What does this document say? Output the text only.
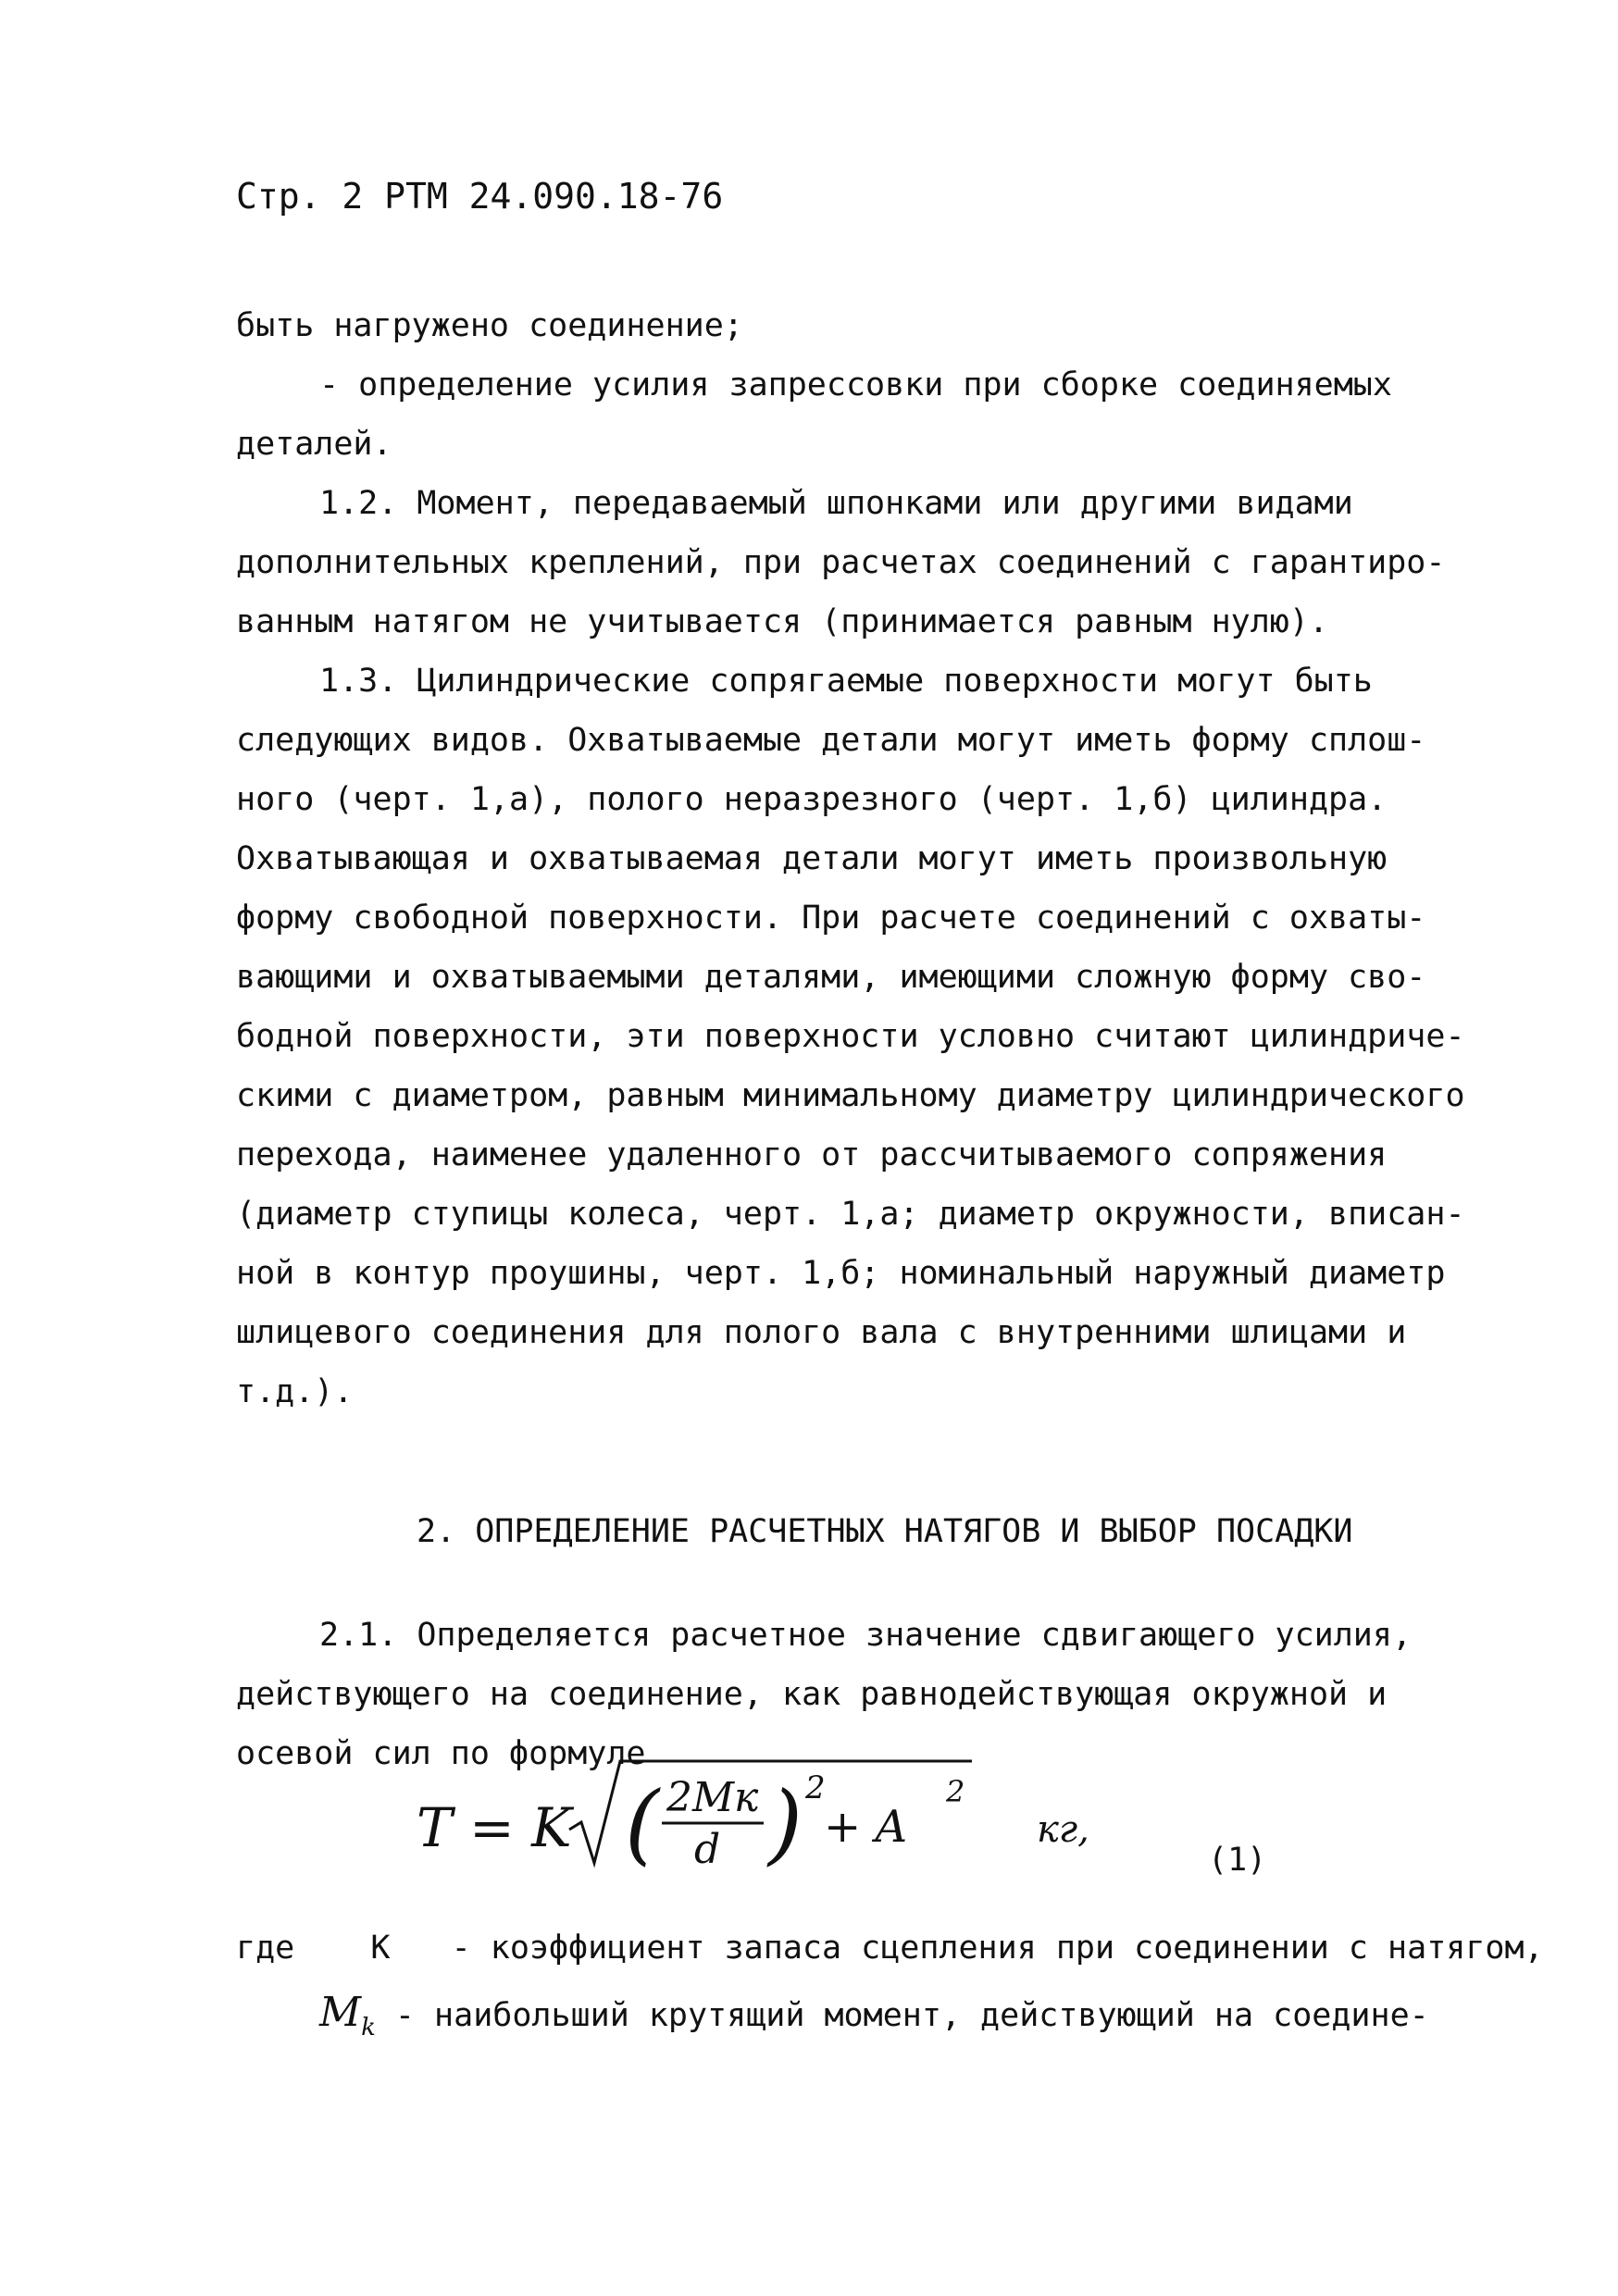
Стр. 2 РТМ 24.090.18-76
быть нагружено соединение;
- определение усилия запрессовки при сборке соединяемых
деталей.
1.2. Момент, передаваемый шпонками или другими видами
дополнительных креплений, при расчетах соединений с гарантиро-
ванным натягом не учитывается (принимается равным нулю).
1.3. Цилиндрические сопрягаемые поверхности могут быть
следующих видов. Охватываемые детали могут иметь форму сплош-
ного (черт. 1,а), полого неразрезного (черт. 1,б) цилиндра.
Охватывающая и охватываемая детали могут иметь произвольную
форму свободной поверхности. При расчете соединений с охваты-
вающими и охватываемыми деталями, имеющими сложную форму сво-
бодной поверхности, эти поверхности условно считают цилиндриче-
скими с диаметром, равным минимальному диаметру цилиндрического
перехода, наименее удаленного от рассчитываемого сопряжения
(диаметр ступицы колеса, черт. 1,а; диаметр окружности, вписан-
ной в контур проушины, черт. 1,б; номинальный наружный диаметр
шлицевого соединения для полого вала с внутренними шлицами и
т.д.).
2. ОПРЕДЕЛЕНИЕ РАСЧЕТНЫХ НАТЯГОВ И ВЫБОР ПОСАДКИ
2.1. Определяется расчетное значение сдвигающего усилия,
действующего на соединение, как равнодействующая окружной и
осевой сил по формуле
T = K ( 2Mк
d ) 2
+ A
2
кг,
(1)
где К - коэффициент запаса сцепления при соединении с натягом,
$M_k$ - наибольший крутящий момент, действующий на соедине-
